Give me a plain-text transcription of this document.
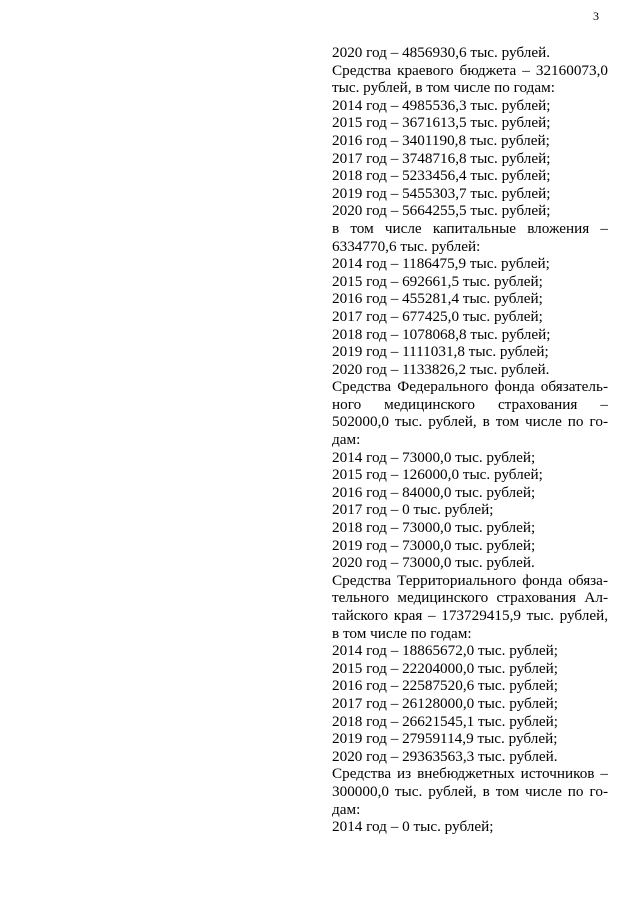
3
2020 год – 4856930,6 тыс. рублей.
Средства краевого бюджета – 32160073,0 тыс. рублей, в том числе по годам:
2014 год – 4985536,3 тыс. рублей;
2015 год – 3671613,5 тыс. рублей;
2016 год – 3401190,8 тыс. рублей;
2017 год – 3748716,8 тыс. рублей;
2018 год – 5233456,4 тыс. рублей;
2019 год – 5455303,7 тыс. рублей;
2020 год – 5664255,5 тыс. рублей;
в том числе капитальные вложения – 6334770,6 тыс. рублей:
2014 год – 1186475,9 тыс. рублей;
2015 год – 692661,5 тыс. рублей;
2016 год – 455281,4 тыс. рублей;
2017 год – 677425,0 тыс. рублей;
2018 год – 1078068,8 тыс. рублей;
2019 год – 1111031,8 тыс. рублей;
2020 год – 1133826,2 тыс. рублей.
Средства Федерального фонда обязательного медицинского страхования – 502000,0 тыс. рублей, в том числе по годам:
2014 год – 73000,0 тыс. рублей;
2015 год – 126000,0 тыс. рублей;
2016 год – 84000,0 тыс. рублей;
2017 год – 0 тыс. рублей;
2018 год – 73000,0 тыс. рублей;
2019 год – 73000,0 тыс. рублей;
2020 год – 73000,0 тыс. рублей.
Средства Территориального фонда обязательного медицинского страхования Алтайского края – 173729415,9 тыс. рублей, в том числе по годам:
2014 год – 18865672,0 тыс. рублей;
2015 год – 22204000,0 тыс. рублей;
2016 год – 22587520,6 тыс. рублей;
2017 год – 26128000,0 тыс. рублей;
2018 год – 26621545,1 тыс. рублей;
2019 год – 27959114,9 тыс. рублей;
2020 год – 29363563,3 тыс. рублей.
Средства из внебюджетных источников – 300000,0 тыс. рублей, в том числе по годам:
2014 год – 0 тыс. рублей;
